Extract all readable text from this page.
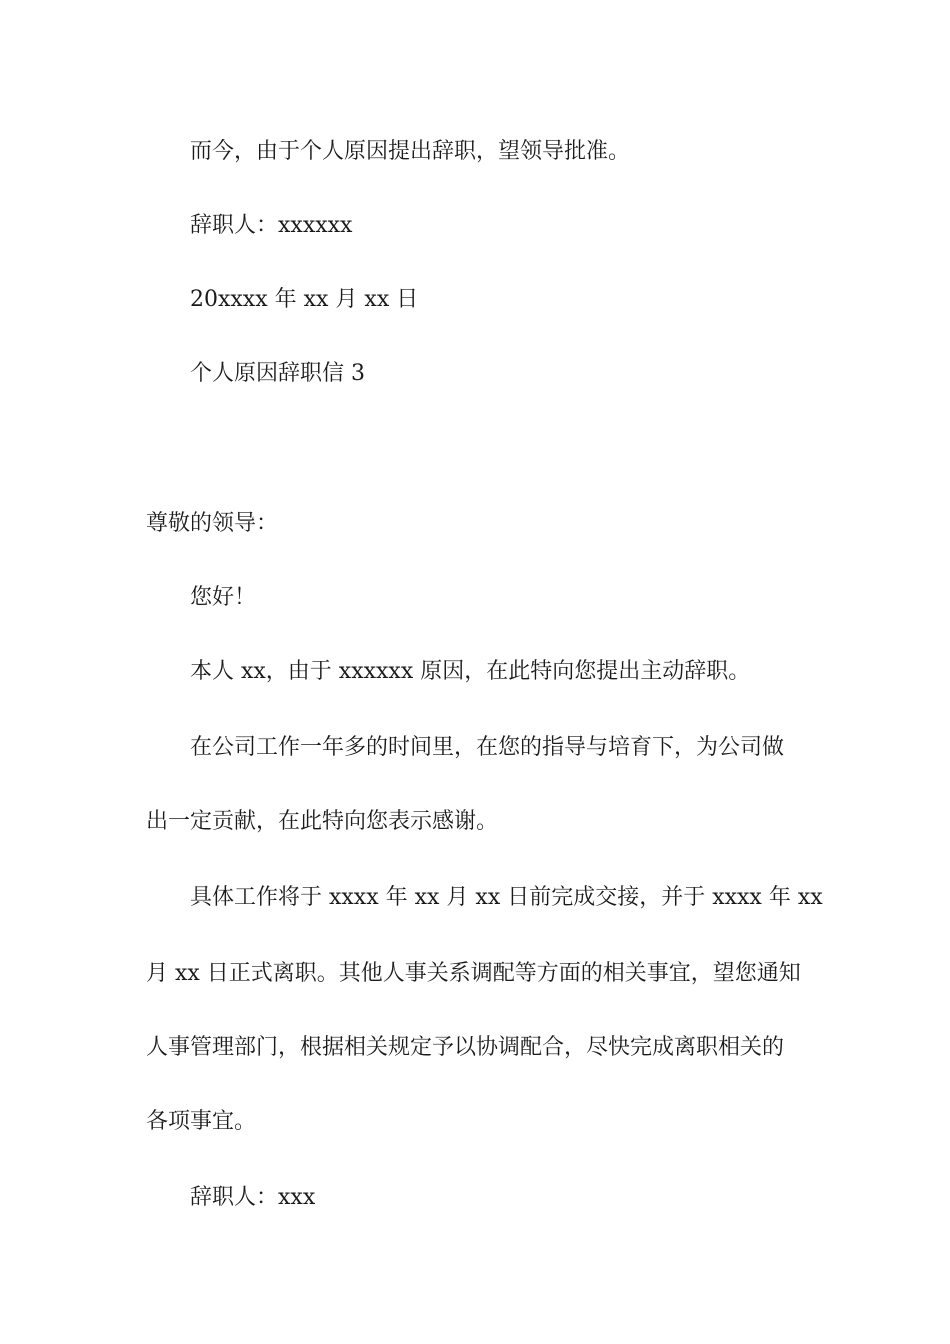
而今，由于个人原因提出辞职，望领导批准。
辞职人：xxxxxx
20xxxx 年 xx 月 xx 日
个人原因辞职信 3
尊敬的领导：
您好！
本人 xx，由于 xxxxxx 原因，在此特向您提出主动辞职。
在公司工作一年多的时间里，在您的指导与培育下，为公司做
出一定贡献，在此特向您表示感谢。
具体工作将于 xxxx 年 xx 月 xx 日前完成交接，并于 xxxx 年 xx
月 xx 日正式离职。其他人事关系调配等方面的相关事宜，望您通知
人事管理部门，根据相关规定予以协调配合，尽快完成离职相关的
各项事宜。
辞职人：xxx
